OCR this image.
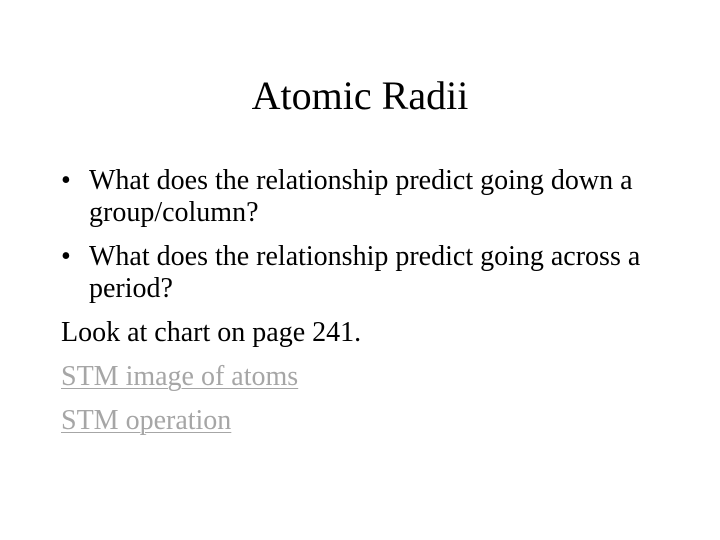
Atomic Radii
• What does the relationship predict going down a group/column?
• What does the relationship predict going across a period?
Look at chart on page 241.
STM image of atoms
STM operation
